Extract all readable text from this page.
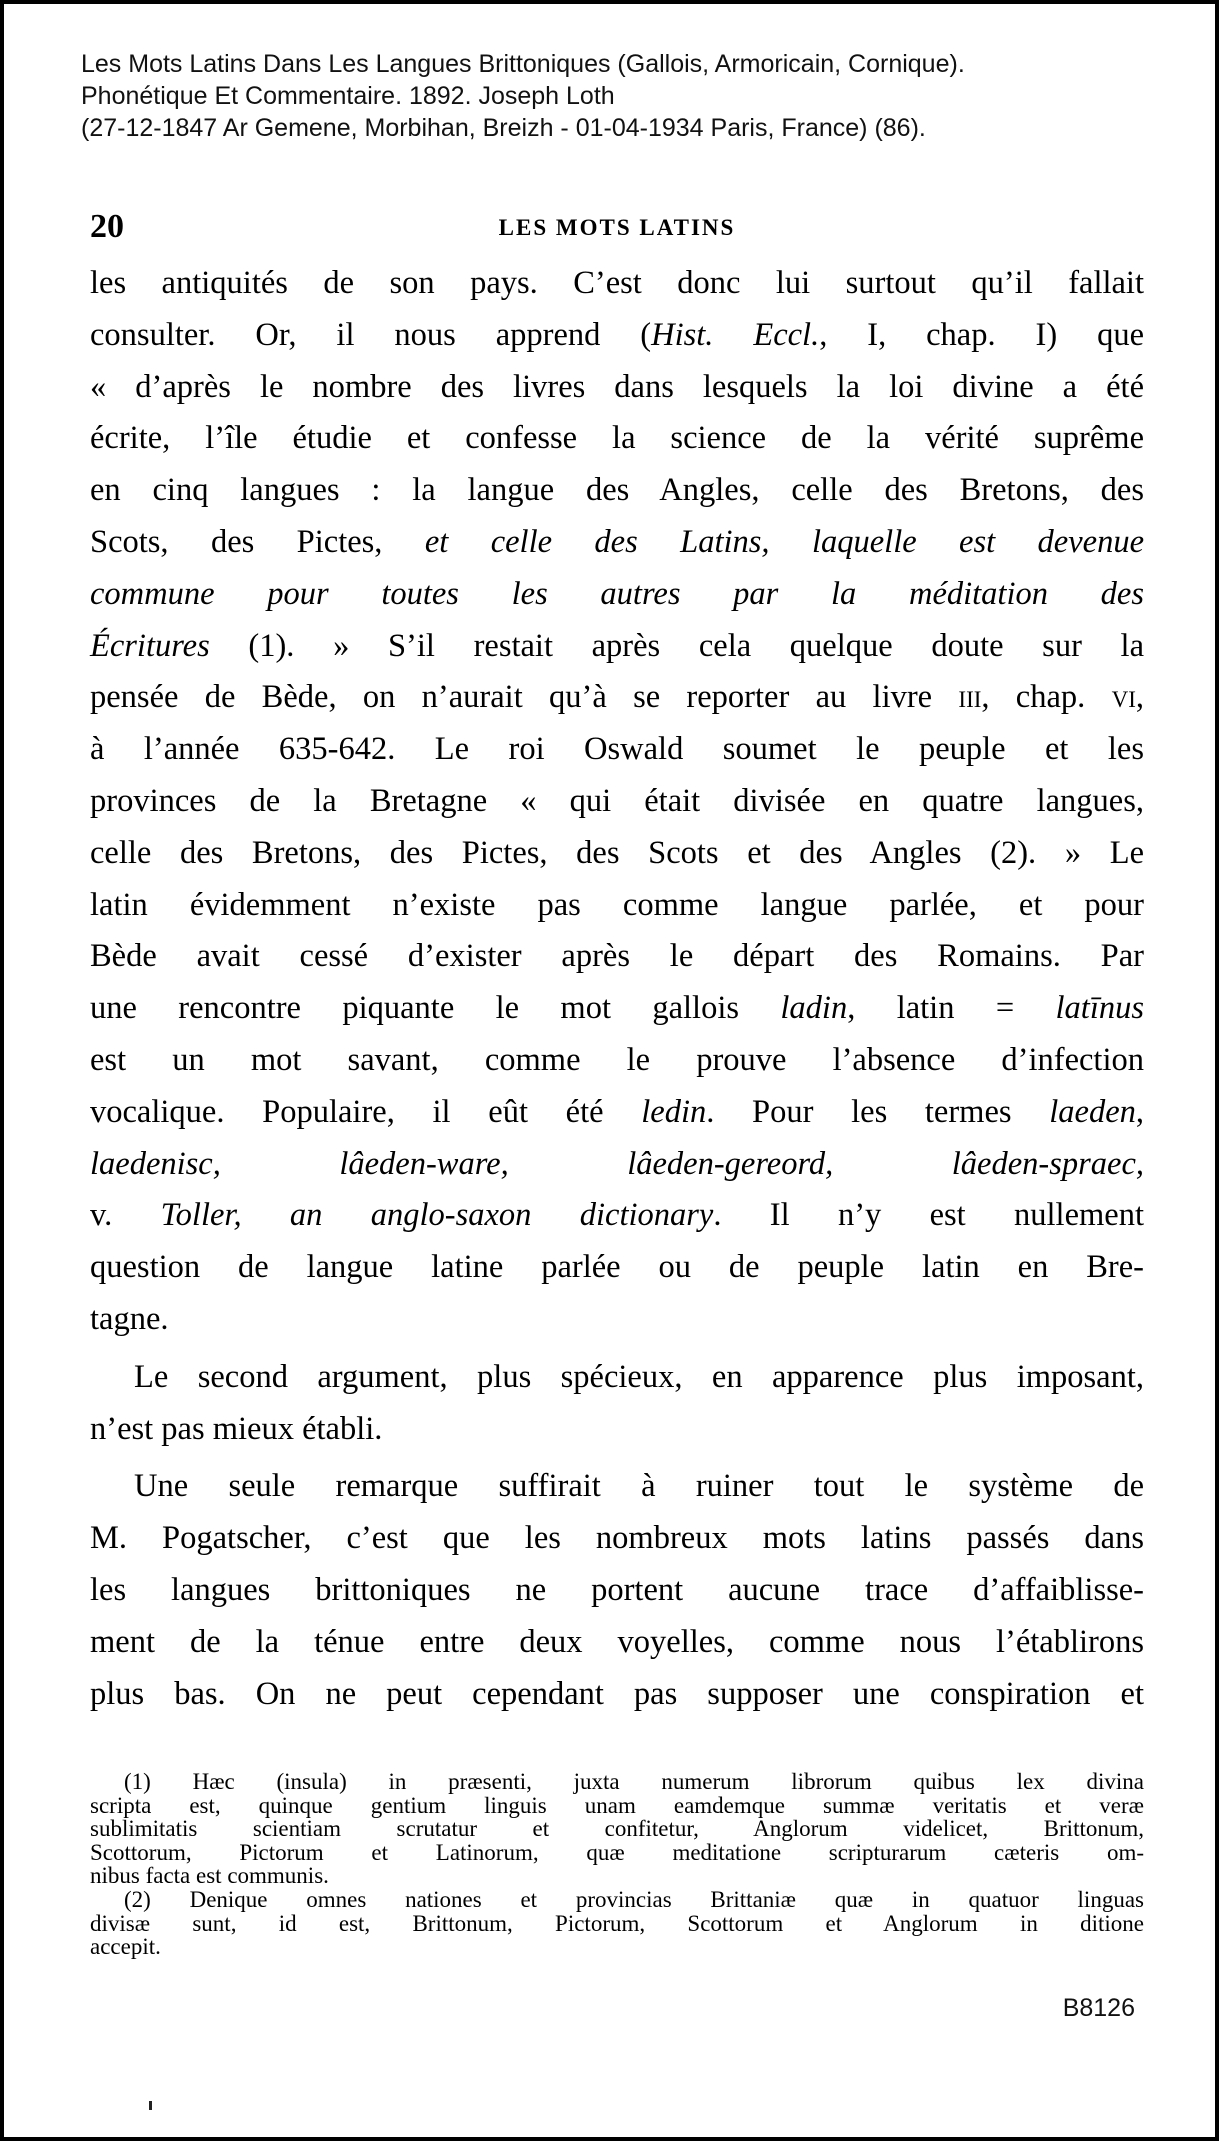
Les Mots Latins Dans Les Langues Brittoniques (Gallois, Armoricain, Cornique).
Phonétique Et Commentaire. 1892. Joseph Loth
(27-12-1847 Ar Gemene, Morbihan, Breizh - 01-04-1934 Paris, France) (86).
20	LES MOTS LATINS
les antiquités de son pays. C’est donc lui surtout qu’il fallait
consulter. Or, il nous apprend (Hist. Eccl., I, chap. I) que
« d’après le nombre des livres dans lesquels la loi divine a été
écrite, l’île étudie et confesse la science de la vérité suprême
en cinq langues : la langue des Angles, celle des Bretons, des
Scots, des Pictes, et celle des Latins, laquelle est devenue
commune pour toutes les autres par la méditation des
Écritures (1). » S’il restait après cela quelque doute sur la
pensée de Bède, on n’aurait qu’à se reporter au livre iii, chap. vi,
à l’année 635-642. Le roi Oswald soumet le peuple et les
provinces de la Bretagne « qui était divisée en quatre langues,
celle des Bretons, des Pictes, des Scots et des Angles (2). » Le
latin évidemment n’existe pas comme langue parlée, et pour
Bède avait cessé d’exister après le départ des Romains. Par
une rencontre piquante le mot gallois ladin, latin = latīnus
est un mot savant, comme le prouve l’absence d’infection
vocalique. Populaire, il eût été ledin. Pour les termes laeden,
laedenisc, lâeden-ware, lâeden-gereord, lâeden-spraec,
v. Toller, an anglo-saxon dictionary. Il n’y est nullement
question de langue latine parlée ou de peuple latin en Bre-
tagne.
Le second argument, plus spécieux, en apparence plus imposant,
n’est pas mieux établi.
Une seule remarque suffirait à ruiner tout le système de
M. Pogatscher, c’est que les nombreux mots latins passés dans
les langues brittoniques ne portent aucune trace d’affaiblisse-
ment de la ténue entre deux voyelles, comme nous l’établirons
plus bas. On ne peut cependant pas supposer une conspiration et
(1) Hæc (insula) in præsenti, juxta numerum librorum quibus lex divina
scripta est, quinque gentium linguis unam eamdemque summæ veritatis et veræ
sublimitatis scientiam scrutatur et confitetur, Anglorum videlicet, Brittonum,
Scottorum, Pictorum et Latinorum, quæ meditatione scripturarum cæteris om-
nibus facta est communis.
(2) Denique omnes nationes et provincias Brittaniæ quæ in quatuor linguas
divisæ sunt, id est, Brittonum, Pictorum, Scottorum et Anglorum in ditione
accepit.
B8126
